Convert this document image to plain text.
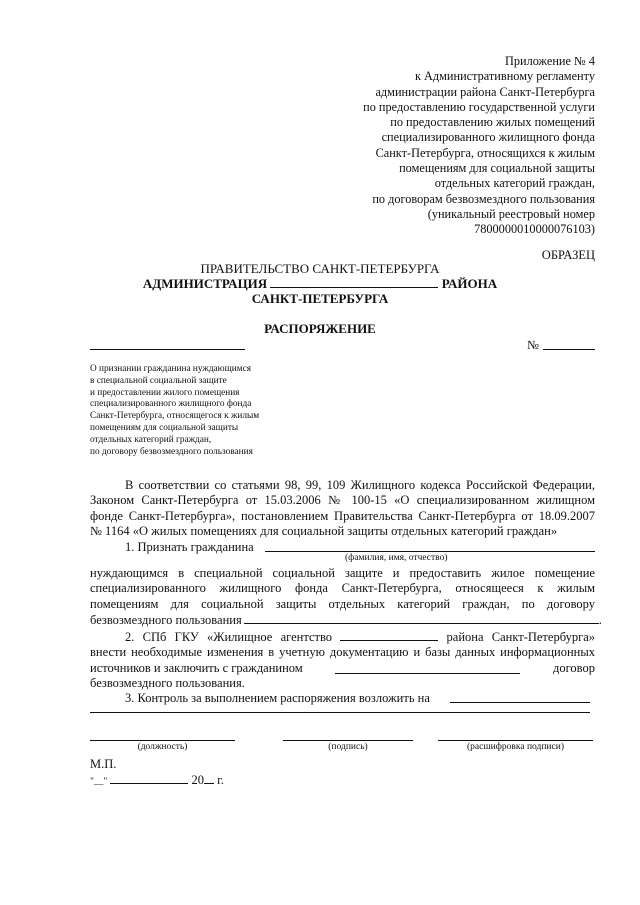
Приложение № 4
к Административному регламенту
администрации района Санкт-Петербурга
по предоставлению государственной услуги
по предоставлению жилых помещений
специализированного жилищного фонда
Санкт-Петербурга, относящихся к жилым
помещениям для социальной защиты
отдельных категорий граждан,
по договорам безвозмездного пользования
(уникальный реестровый номер
7800000010000076103)
ОБРАЗЕЦ
ПРАВИТЕЛЬСТВО САНКТ-ПЕТЕРБУРГА
АДМИНИСТРАЦИЯ	РАЙОНА
САНКТ-ПЕТЕРБУРГА
РАСПОРЯЖЕНИЕ
№
О признании гражданина нуждающимся
в специальной социальной защите
и предоставлении жилого помещения
специализированного жилищного фонда
Санкт-Петербурга, относящегося к жилым
помещениям для социальной защиты
отдельных категорий граждан,
по договору безвозмездного пользования
В соответствии со статьями 98, 99, 109 Жилищного кодекса Российской Федерации,
Законом Санкт-Петербурга от 15.03.2006 № 100-15 «О специализированном жилищном
фонде Санкт-Петербурга», постановлением Правительства Санкт-Петербурга от 18.09.2007
№ 1164 «О жилых помещениях для социальной защиты отдельных категорий граждан»
1. Признать гражданина
(фамилия, имя, отчество)
нуждающимся в специальной социальной защите и предоставить жилое помещение
специализированного жилищного фонда Санкт-Петербурга, относящееся к жилым
помещениям для социальной защиты отдельных категорий граждан, по договору
безвозмездного пользования	.
2. СПб ГКУ «Жилищное агентство	района Санкт-Петербурга»
внести необходимые изменения в учетную документацию и базы данных информационных
источников и заключить с гражданином	договор
безвозмездного пользования.
3. Контроль за выполнением распоряжения возложить на
(должность)	(подпись)	(расшифровка подписи)
М.П.
"__"	20 г.
